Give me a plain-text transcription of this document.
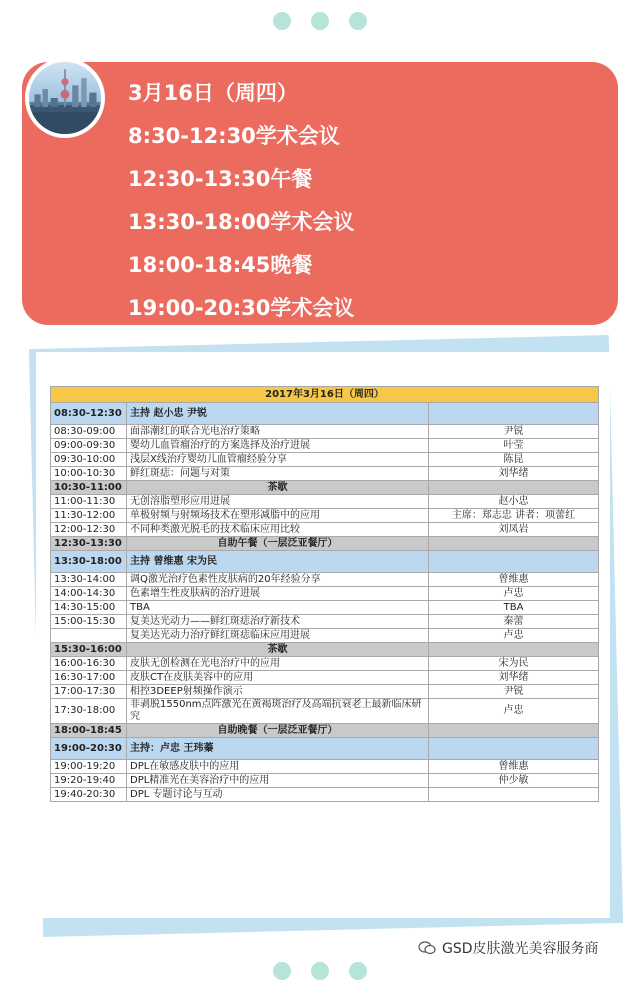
3月16日（周四）
8:30-12:30学术会议
12:30-13:30午餐
13:30-18:00学术会议
18:00-18:45晚餐
19:00-20:30学术会议
2017年3月16日（周四）		
08:30-12:30	主持 赵小忠 尹锐	
08:30-09:00	面部潮红的联合光电治疗策略	尹锐
09:00-09:30	婴幼儿血管瘤治疗的方案选择及治疗进展	叶莹
09:30-10:00	浅层X线治疗婴幼儿血管瘤经验分享	陈昆
10:00-10:30	鲜红斑痣：问题与对策	刘华绪
10:30-11:00	茶歇	
11:00-11:30	无创溶脂塑形应用进展	赵小忠
11:30-12:00	单极射频与射频场技术在塑形减脂中的应用	主席：郑志忠 讲者：项蕾红
12:00-12:30	不同种类激光脱毛的技术临床应用比较	刘凤岩
12:30-13:30	自助午餐（一层泛亚餐厅）	
13:30-18:00	主持 曾维惠 宋为民	
13:30-14:00	调Q激光治疗色素性皮肤病的20年经验分享	曾维惠
14:00-14:30	色素增生性皮肤病的治疗进展	卢忠
14:30-15:00	TBA	TBA
15:00-15:30	复美达光动力——鲜红斑痣治疗新技术	秦蕾
	复美达光动力治疗鲜红斑痣临床应用进展	卢忠
15:30-16:00	茶歇	
16:00-16:30	皮肤无创检测在光电治疗中的应用	宋为民
16:30-17:00	皮肤CT在皮肤美容中的应用	刘华绪
17:00-17:30	相控3DEEP射频操作演示	尹锐
17:30-18:00	非剥脱1550nm点阵激光在黄褐斑治疗及高端抗衰老上最新临床研究	卢忠
18:00-18:45	自助晚餐（一层泛亚餐厅）	
19:00-20:30	主持：卢忠 王玮蓁	
19:00-19:20	DPL在敏感皮肤中的应用	曾维惠
19:20-19:40	DPL精准光在美容治疗中的应用	仲少敏
19:40-20:30	DPL 专题讨论与互动	
GSD皮肤激光美容服务商
